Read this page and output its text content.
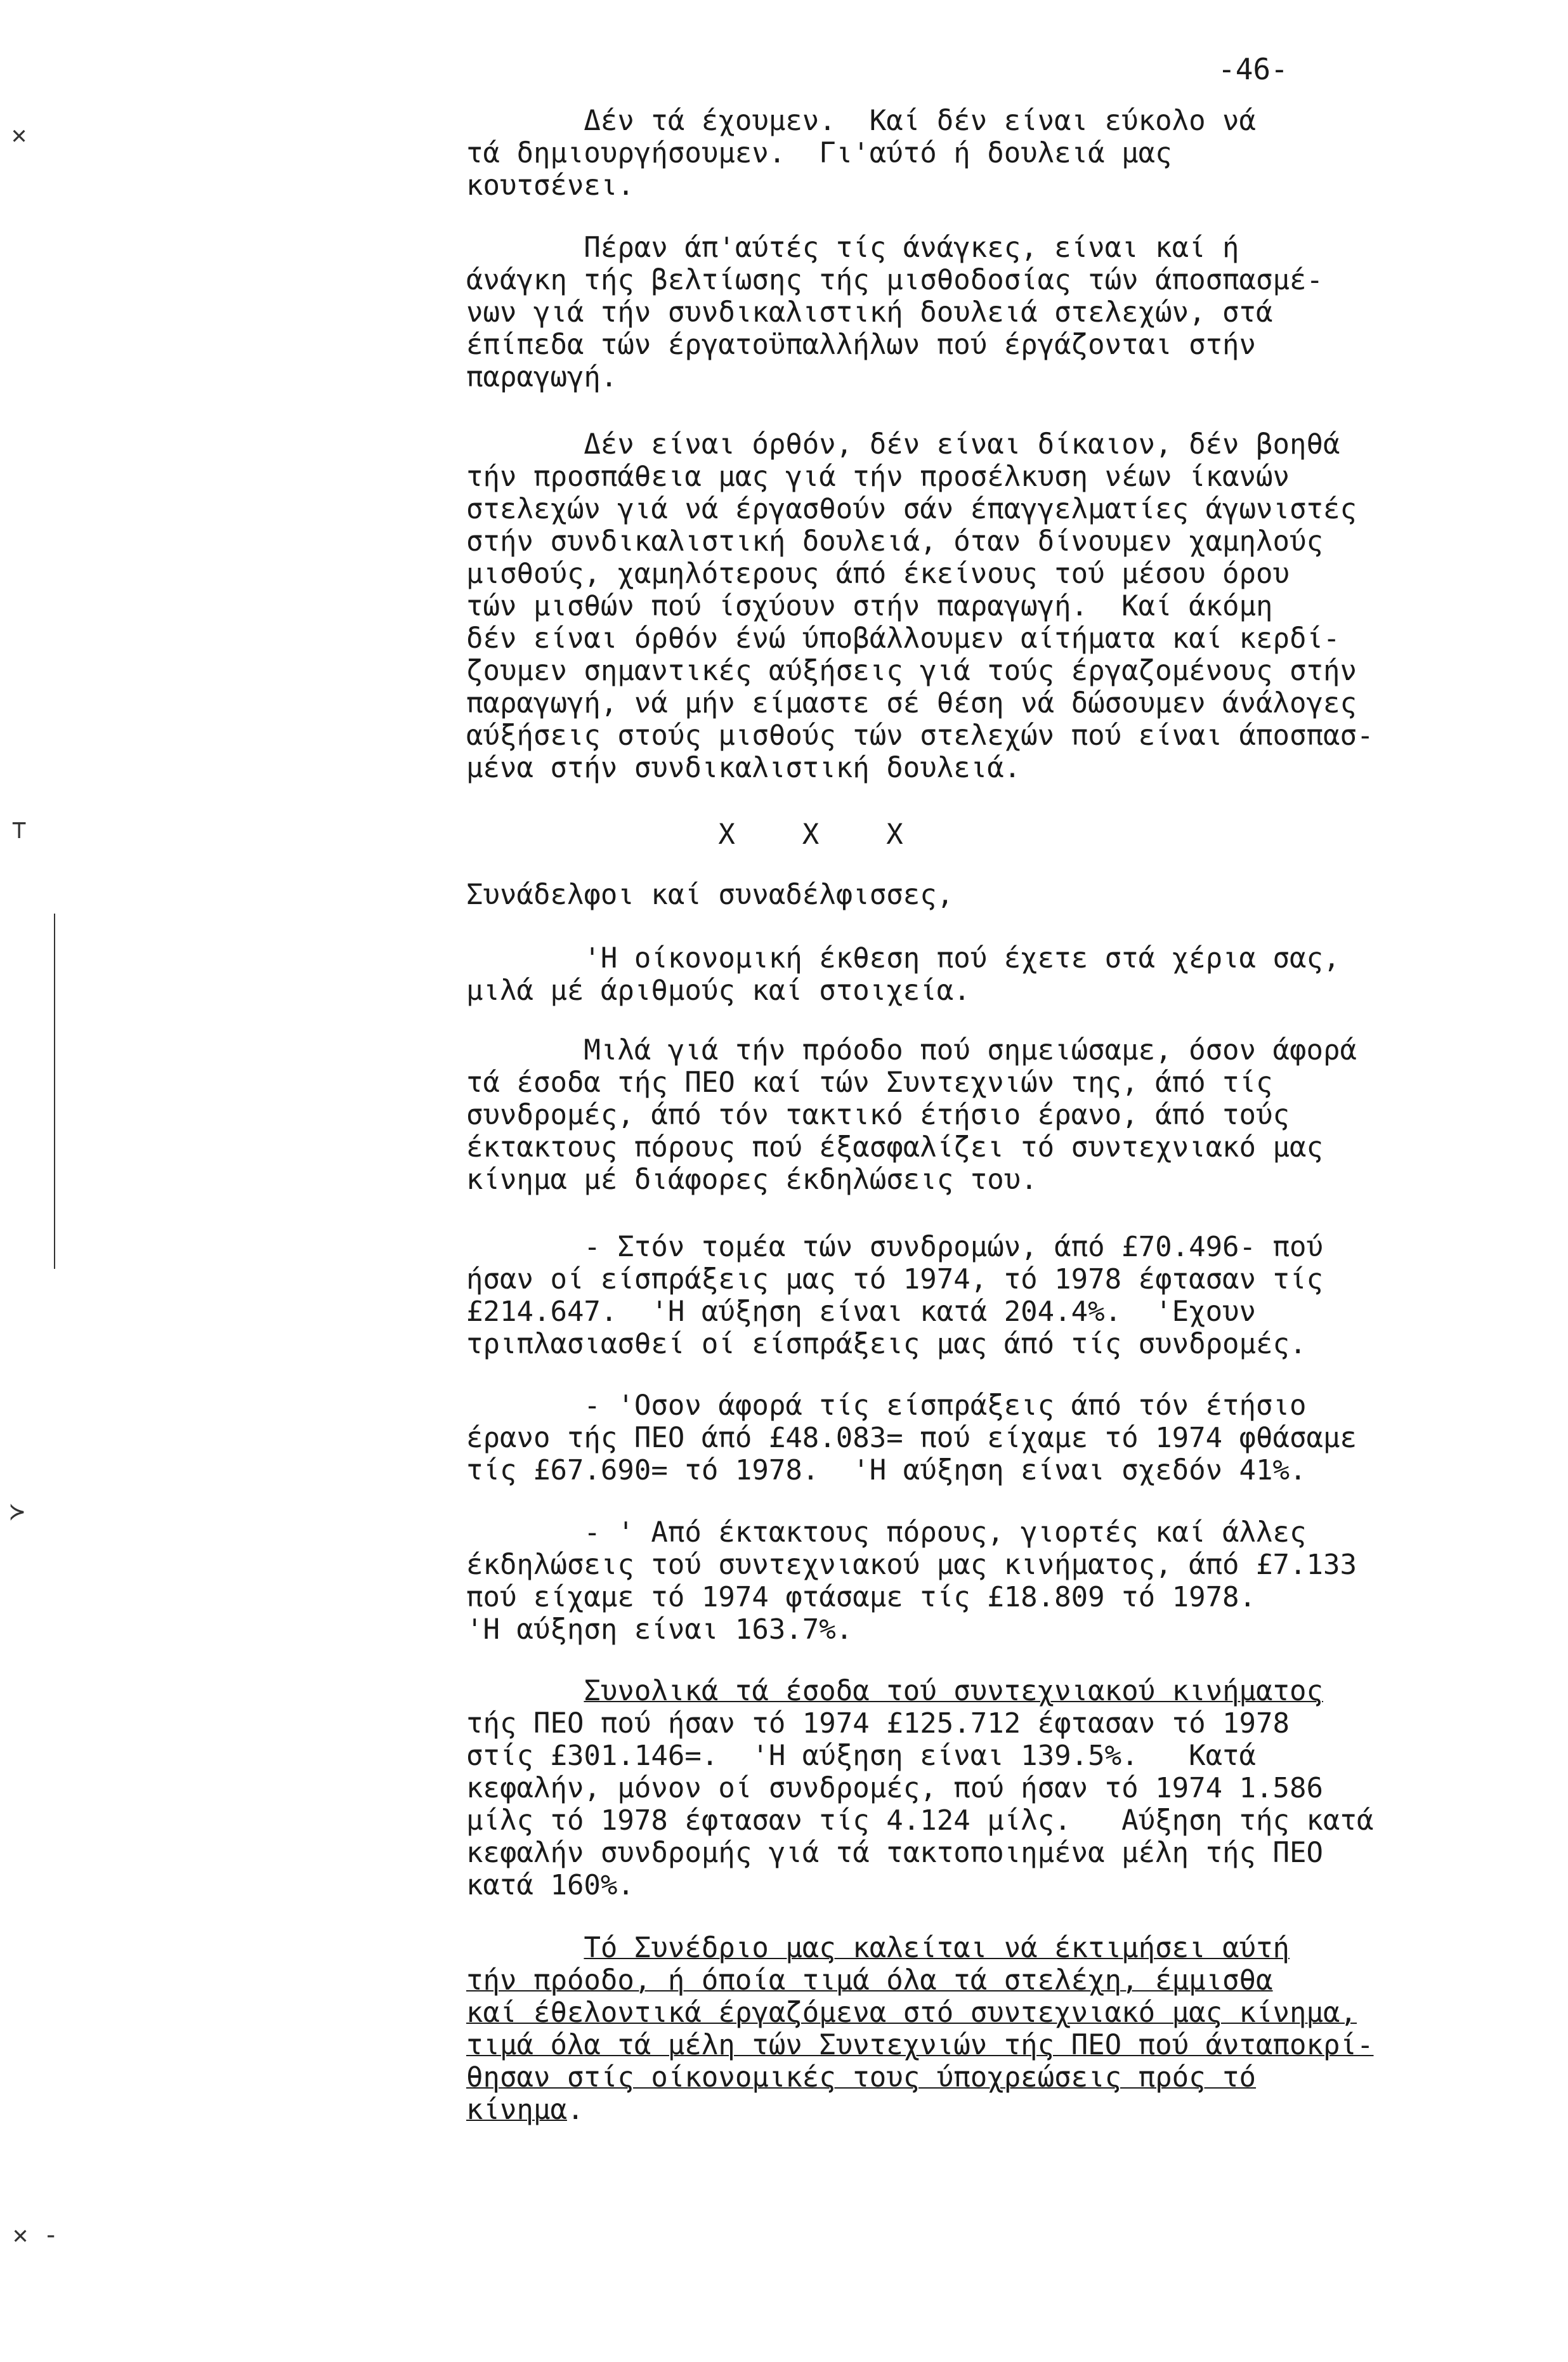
-46-
✕
⊤
≻
✕ -
Δέν τά έχουμεν.  Καί δέν είναι εύκολο νά
τά δημιουργήσουμεν.  Γι'αύτό ή δουλειά μας
κουτσένει.
Πέραν άπ'αύτές τίς άνάγκες, είναι καί ή
άνάγκη τής βελτίωσης τής μισθοδοσίας τών άποσπασμέ-
νων γιά τήν συνδικαλιστική δουλειά στελεχών, στά
έπίπεδα τών έργατοϋπαλλήλων πού έργάζονται στήν
παραγωγή.
Δέν είναι όρθόν, δέν είναι δίκαιον, δέν βοηθά
τήν προσπάθεια μας γιά τήν προσέλκυση νέων ίκανών
στελεχών γιά νά έργασθούν σάν έπαγγελματίες άγωνιστές
στήν συνδικαλιστική δουλειά, όταν δίνουμεν χαμηλούς
μισθούς, χαμηλότερους άπό έκείνους τού μέσου όρου
τών μισθών πού ίσχύουν στήν παραγωγή.  Καί άκόμη
δέν είναι όρθόν ένώ ύποβάλλουμεν αίτήματα καί κερδί-
ζουμεν σημαντικές αύξήσεις γιά τούς έργαζομένους στήν
παραγωγή, νά μήν είμαστε σέ θέση νά δώσουμεν άνάλογες
αύξήσεις στούς μισθούς τών στελεχών πού είναι άποσπασ-
μένα στήν συνδικαλιστική δουλειά.
Χ    Χ    Χ
Συνάδελφοι καί συναδέλφισσες,
'Η οίκονομική έκθεση πού έχετε στά χέρια σας,
μιλά μέ άριθμούς καί στοιχεία.
Μιλά γιά τήν πρόοδο πού σημειώσαμε, όσον άφορά
τά έσοδα τής ΠΕΟ καί τών Συντεχνιών της, άπό τίς
συνδρομές, άπό τόν τακτικό έτήσιο έρανο, άπό τούς
έκτακτους πόρους πού έξασφαλίζει τό συντεχνιακό μας
κίνημα μέ διάφορες έκδηλώσεις του.
- Στόν τομέα τών συνδρομών, άπό £70.496- πού
ήσαν οί είσπράξεις μας τό 1974, τό 1978 έφτασαν τίς
£214.647.  'Η αύξηση είναι κατά 204.4%.  'Εχουν
τριπλασιασθεί οί είσπράξεις μας άπό τίς συνδρομές.
- 'Οσον άφορά τίς είσπράξεις άπό τόν έτήσιο
έρανο τής ΠΕΟ άπό £48.083= πού είχαμε τό 1974 φθάσαμε
τίς £67.690= τό 1978.  'Η αύξηση είναι σχεδόν 41%.
- ' Από έκτακτους πόρους, γιορτές καί άλλες
έκδηλώσεις τού συντεχνιακού μας κινήματος, άπό £7.133
πού είχαμε τό 1974 φτάσαμε τίς £18.809 τό 1978.
'Η αύξηση είναι 163.7%.
Συνολικά τά έσοδα τού συντεχνιακού κινήματος
τής ΠΕΟ πού ήσαν τό 1974 £125.712 έφτασαν τό 1978
στίς £301.146=.  'Η αύξηση είναι 139.5%.   Κατά
κεφαλήν, μόνον οί συνδρομές, πού ήσαν τό 1974 1.586
μίλς τό 1978 έφτασαν τίς 4.124 μίλς.   Αύξηση τής κατά
κεφαλήν συνδρομής γιά τά τακτοποιημένα μέλη τής ΠΕΟ
κατά 160%.
Τό Συνέδριο μας καλείται νά έκτιμήσει αύτή
τήν πρόοδο, ή όποία τιμά όλα τά στελέχη, έμμισθα
καί έθελοντικά έργαζόμενα στό συντεχνιακό μας κίνημα,
τιμά όλα τά μέλη τών Συντεχνιών τής ΠΕΟ πού άνταποκρί-
θησαν στίς οίκονομικές τους ύποχρεώσεις πρός τό
κίνημα.
